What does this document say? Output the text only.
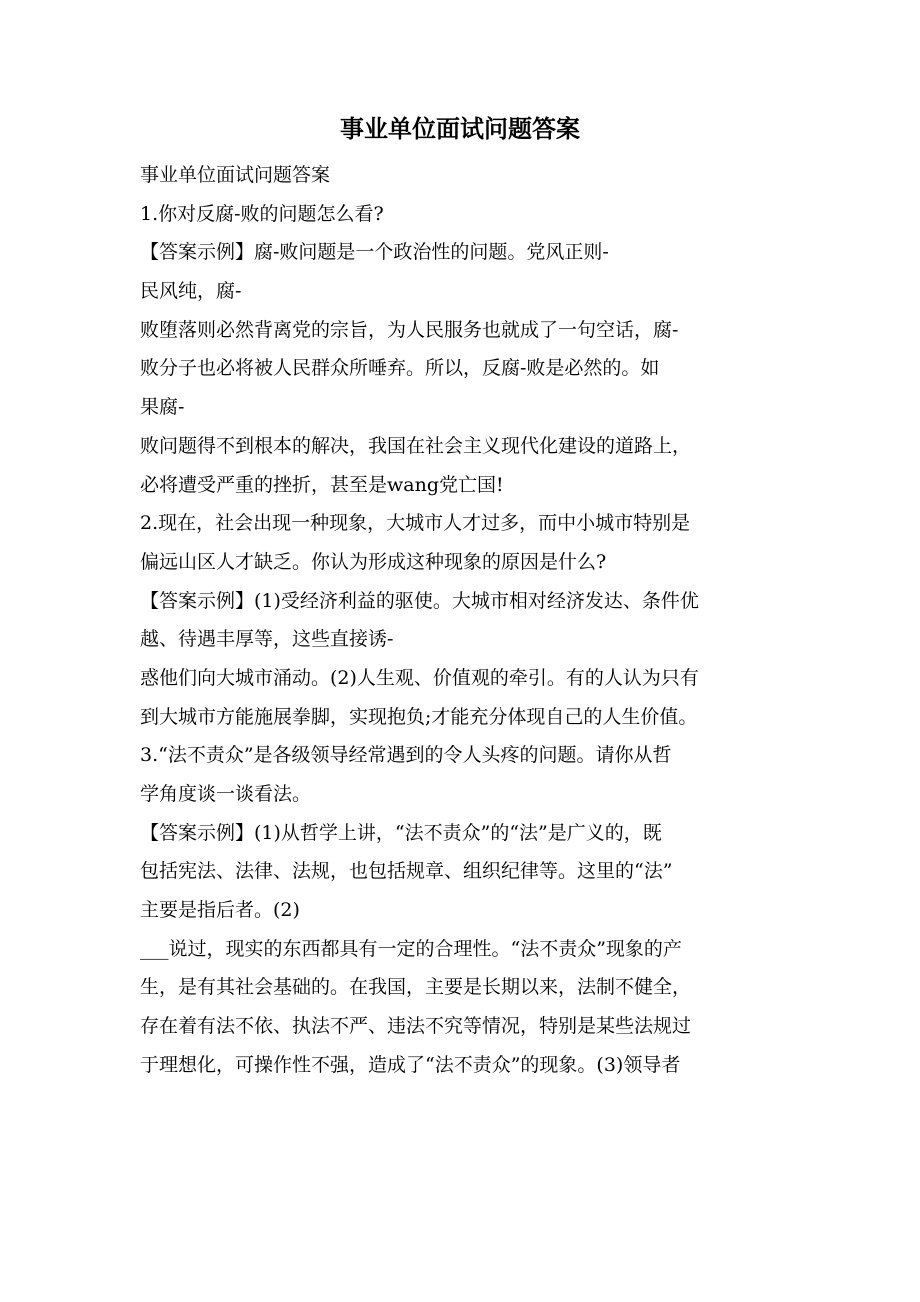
事业单位面试问题答案
事业单位面试问题答案
1.你对反腐-败的问题怎么看?
【答案示例】腐-败问题是一个政治性的问题。党风正则-
民风纯，腐-
败堕落则必然背离党的宗旨，为人民服务也就成了一句空话，腐-
败分子也必将被人民群众所唾弃。所以，反腐-败是必然的。如
果腐-
败问题得不到根本的解决，我国在社会主义现代化建设的道路上，
必将遭受严重的挫折，甚至是wang党亡国!
2.现在，社会出现一种现象，大城市人才过多，而中小城市特别是
偏远山区人才缺乏。你认为形成这种现象的原因是什么?
【答案示例】(1)受经济利益的驱使。大城市相对经济发达、条件优
越、待遇丰厚等，这些直接诱-
惑他们向大城市涌动。(2)人生观、价值观的牵引。有的人认为只有
到大城市方能施展拳脚，实现抱负;才能充分体现自己的人生价值。
3.“法不责众”是各级领导经常遇到的令人头疼的问题。请你从哲
学角度谈一谈看法。
【答案示例】(1)从哲学上讲，“法不责众”的“法”是广义的，既
包括宪法、法律、法规，也包括规章、组织纪律等。这里的“法”
主要是指后者。(2)
___说过，现实的东西都具有一定的合理性。“法不责众”现象的产
生，是有其社会基础的。在我国，主要是长期以来，法制不健全，
存在着有法不依、执法不严、违法不究等情况，特别是某些法规过
于理想化，可操作性不强，造成了“法不责众”的现象。(3)领导者
